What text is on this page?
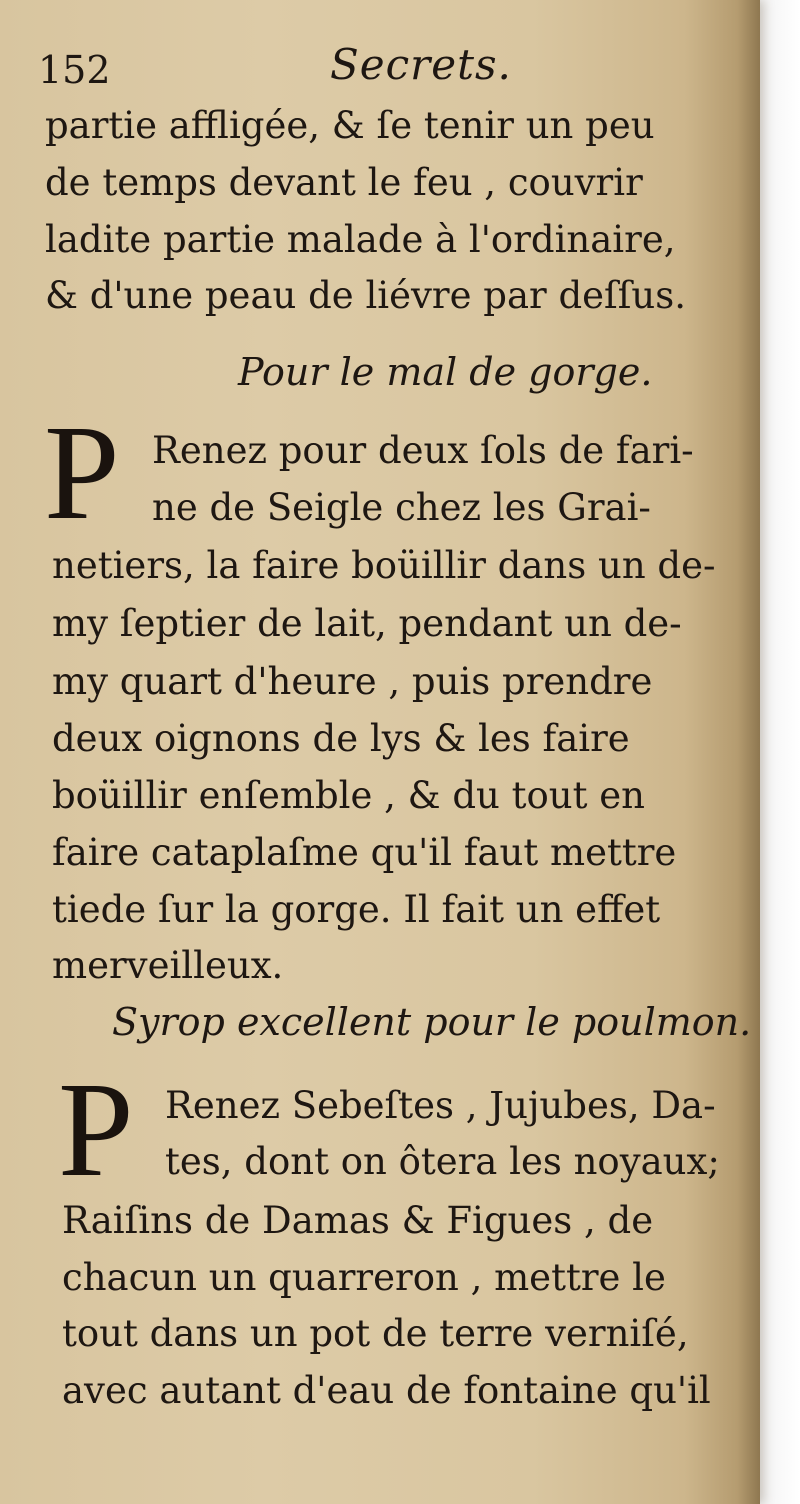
152	Secrets.
partie affligée, & ſe tenir un peu
de temps devant le feu , couvrir
ladite partie malade à l'ordinaire,
& d'une peau de liévre par deſſus.
Pour le mal de gorge.
P Renez pour deux ſols de fari-
ne de Seigle chez les Grai-
netiers, la faire boüillir dans un de-
my ſeptier de lait, pendant un de-
my quart d'heure , puis prendre
deux oignons de lys & les faire
boüillir enſemble , & du tout en
faire cataplaſme qu'il faut mettre
tiede ſur la gorge. Il fait un effet
merveilleux.
Syrop excellent pour le poulmon.
P Renez Sebeſtes , Jujubes, Da-
tes, dont on ôtera les noyaux;
Raiſins de Damas & Figues , de
chacun un quarreron , mettre le
tout dans un pot de terre verniſé,
avec autant d'eau de fontaine qu'il
